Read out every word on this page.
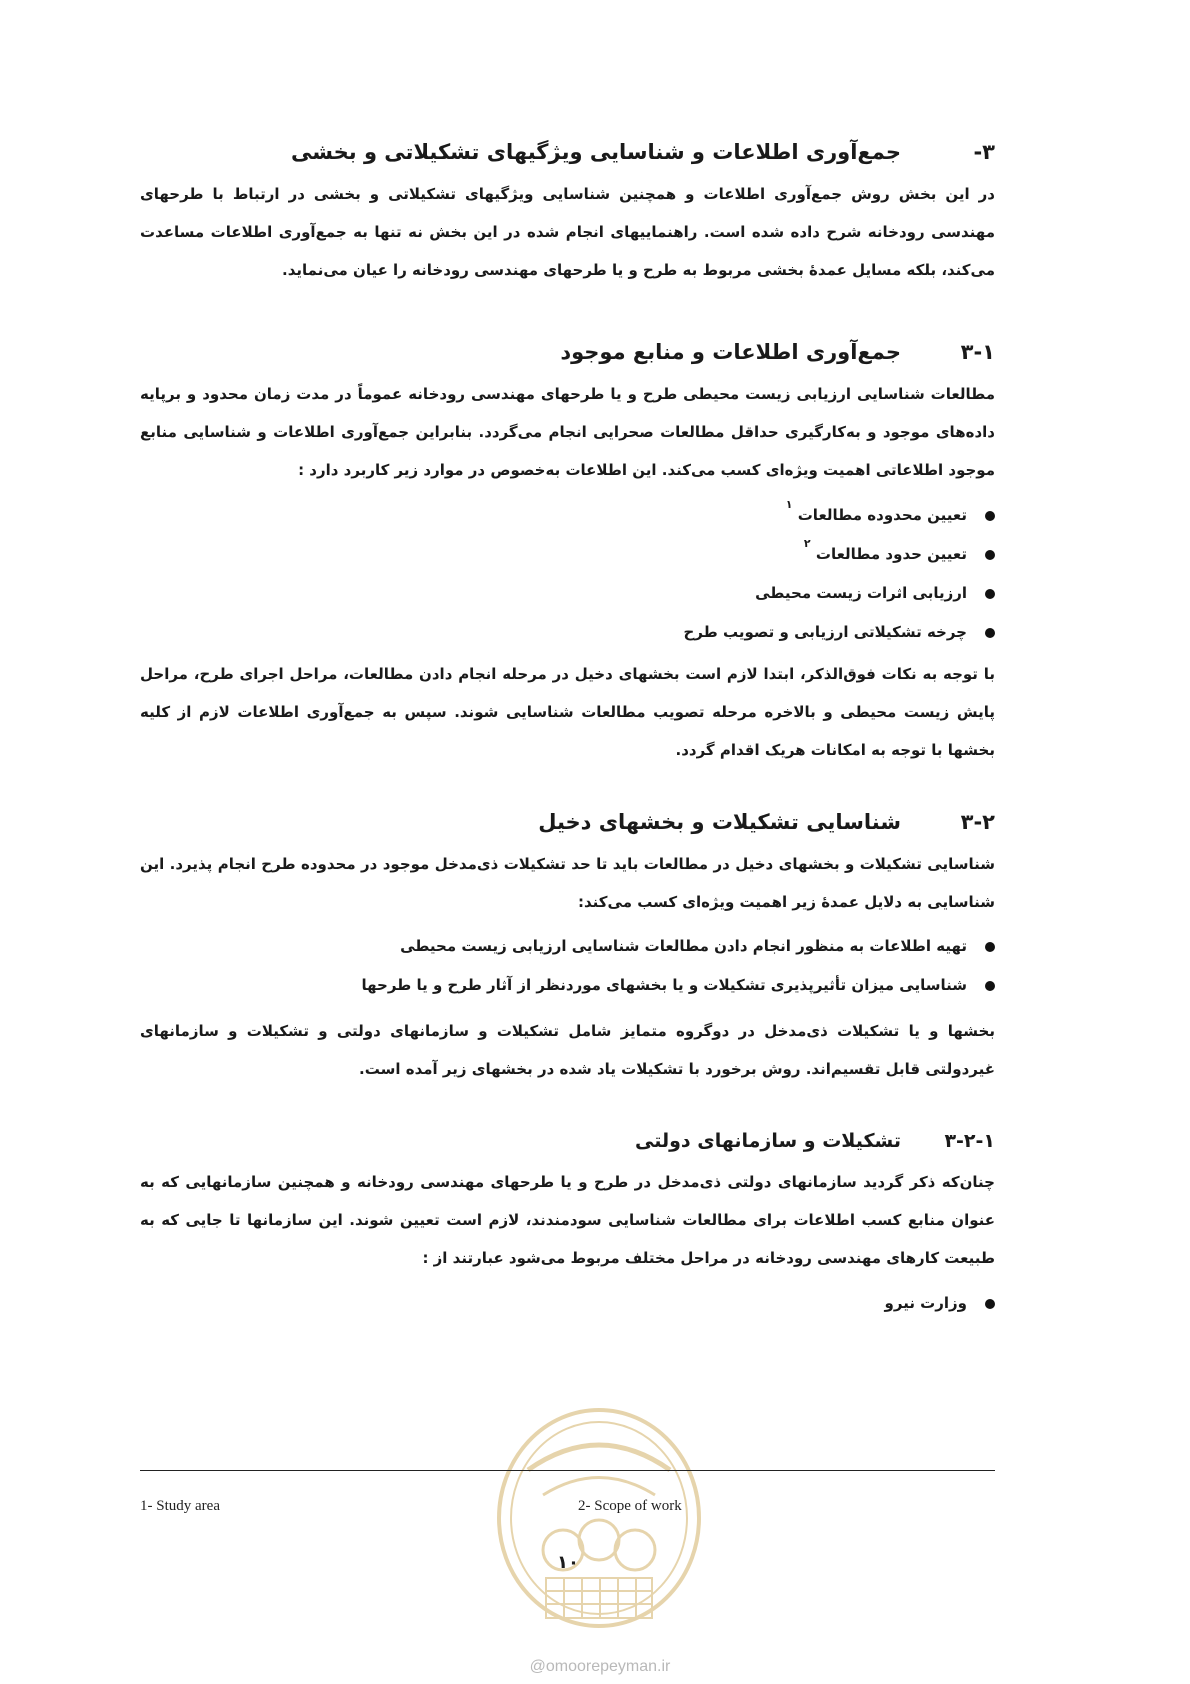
۳-جمع‌آوری اطلاعات و شناسایی ویژگیهای تشکیلاتی و بخشی

در این بخش روش جمع‌آوری اطلاعات و همچنین شناسایی ویژگیهای تشکیلاتی و بخشی در ارتباط با طرحهای مهندسی رودخانه شرح داده شده است. راهنماییهای انجام شده در این بخش نه تنها به جمع‌آوری اطلاعات مساعدت می‌کند، بلکه مسایل عمدهٔ بخشی مربوط به طرح و یا طرحهای مهندسی رودخانه را عیان می‌نماید.

۳-۱جمع‌آوری اطلاعات و منابع موجود

مطالعات شناسایی ارزیابی زیست محیطی طرح و یا طرحهای مهندسی رودخانه عموماً در مدت زمان محدود و برپایه داده‌های موجود و به‌کارگیری حداقل مطالعات صحرایی انجام می‌گردد. بنابراین جمع‌آوری اطلاعات و شناسایی منابع موجود اطلاعاتی اهمیت ویژه‌ای کسب می‌کند. این اطلاعات به‌خصوص در موارد زیر کاربرد دارد :

تعیین محدوده مطالعات $^۱$
تعیین حدود مطالعات $^۲$
ارزیابی اثرات زیست محیطی
چرخه تشکیلاتی ارزیابی و تصویب طرح

با توجه به نکات فوق‌الذکر، ابتدا لازم است بخشهای دخیل در مرحله انجام دادن مطالعات، مراحل اجرای طرح، مراحل پایش زیست محیطی و بالاخره مرحله تصویب مطالعات شناسایی شوند. سپس به جمع‌آوری اطلاعات لازم از کلیه بخشها با توجه به امکانات هریک اقدام گردد.

۳-۲شناسایی تشکیلات و بخشهای دخیل

شناسایی تشکیلات و بخشهای دخیل در مطالعات باید تا حد تشکیلات ذی‌مدخل موجود در محدوده طرح انجام پذیرد. این شناسایی به دلایل عمدهٔ زیر اهمیت ویژه‌ای کسب می‌کند:

تهیه اطلاعات به منظور انجام دادن مطالعات شناسایی ارزیابی زیست محیطی
شناسایی میزان تأثیرپذیری تشکیلات و یا بخشهای موردنظر از آثار طرح و یا طرحها

بخشها و یا تشکیلات ذی‌مدخل در دوگروه متمایز شامل تشکیلات و سازمانهای دولتی و تشکیلات و سازمانهای غیردولتی قابل تقسیم‌اند. روش برخورد با تشکیلات یاد شده در بخشهای زیر آمده است.

۳-۲-۱تشکیلات و سازمانهای دولتی

چنان‌که ذکر گردید سازمانهای دولتی ذی‌مدخل در طرح و یا طرحهای مهندسی رودخانه و همچنین سازمانهایی که به عنوان منابع کسب اطلاعات برای مطالعات شناسایی سودمندند، لازم است تعیین شوند. این سازمانها تا جایی که به طبیعت کارهای مهندسی رودخانه در مراحل مختلف مربوط می‌شود عبارتند از :

وزارت نیرو
1- Study area	2- Scope of work
۱۰
@omoorepeyman.ir
